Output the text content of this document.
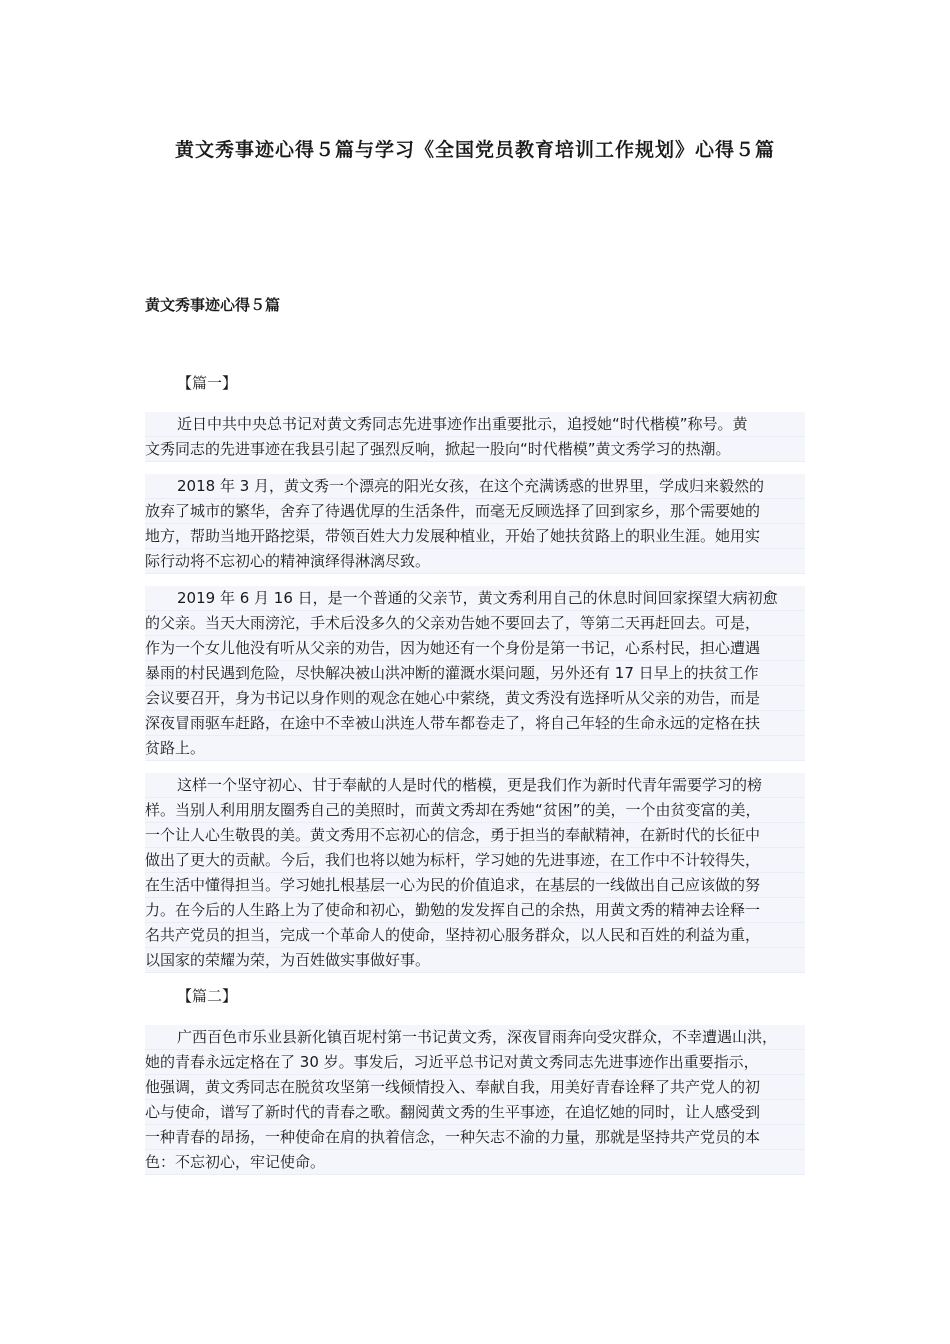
黄文秀事迹心得５篇与学习《全国党员教育培训工作规划》心得５篇
黄文秀事迹心得５篇
【篇一】
近日中共中央总书记对黄文秀同志先进事迹作出重要批示，追授她“时代楷模”称号。黄
文秀同志的先进事迹在我县引起了强烈反响，掀起一股向“时代楷模”黄文秀学习的热潮。
2018 年 3 月，黄文秀一个漂亮的阳光女孩，在这个充满诱惑的世界里，学成归来毅然的
放弃了城市的繁华，舍弃了待遇优厚的生活条件，而毫无反顾选择了回到家乡，那个需要她的
地方，帮助当地开路挖渠，带领百姓大力发展种植业，开始了她扶贫路上的职业生涯。她用实
际行动将不忘初心的精神演绎得淋漓尽致。
2019 年 6 月 16 日，是一个普通的父亲节，黄文秀利用自己的休息时间回家探望大病初愈
的父亲。当天大雨滂沱，手术后没多久的父亲劝告她不要回去了，等第二天再赶回去。可是，
作为一个女儿他没有听从父亲的劝告，因为她还有一个身份是第一书记，心系村民，担心遭遇
暴雨的村民遇到危险，尽快解决被山洪冲断的灌溉水渠问题，另外还有 17 日早上的扶贫工作
会议要召开，身为书记以身作则的观念在她心中萦绕，黄文秀没有选择听从父亲的劝告，而是
深夜冒雨驱车赶路，在途中不幸被山洪连人带车都卷走了，将自己年轻的生命永远的定格在扶
贫路上。
这样一个坚守初心、甘于奉献的人是时代的楷模，更是我们作为新时代青年需要学习的榜
样。当别人利用朋友圈秀自己的美照时，而黄文秀却在秀她“贫困”的美，一个由贫变富的美，
一个让人心生敬畏的美。黄文秀用不忘初心的信念，勇于担当的奉献精神，在新时代的长征中
做出了更大的贡献。今后，我们也将以她为标杆，学习她的先进事迹，在工作中不计较得失，
在生活中懂得担当。学习她扎根基层一心为民的价值追求，在基层的一线做出自己应该做的努
力。在今后的人生路上为了使命和初心，勤勉的发发挥自己的余热，用黄文秀的精神去诠释一
名共产党员的担当，完成一个革命人的使命，坚持初心服务群众，以人民和百姓的利益为重，
以国家的荣耀为荣，为百姓做实事做好事。
【篇二】
广西百色市乐业县新化镇百坭村第一书记黄文秀，深夜冒雨奔向受灾群众，不幸遭遇山洪，
她的青春永远定格在了 30 岁。事发后，习近平总书记对黄文秀同志先进事迹作出重要指示，
他强调，黄文秀同志在脱贫攻坚第一线倾情投入、奉献自我，用美好青春诠释了共产党人的初
心与使命，谱写了新时代的青春之歌。翻阅黄文秀的生平事迹，在追忆她的同时，让人感受到
一种青春的昂扬，一种使命在肩的执着信念，一种矢志不渝的力量，那就是坚持共产党员的本
色：不忘初心，牢记使命。
